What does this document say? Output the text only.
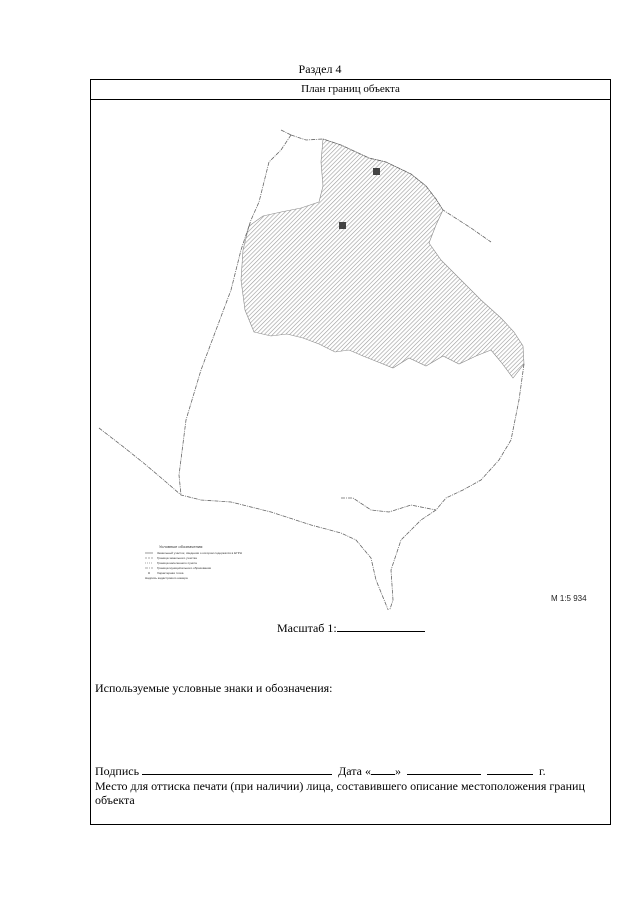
Раздел 4
План границ объекта
Условные обозначения:
Земельный участок, сведения о котором содержатся в ЕГРН
Граница земельного участка
Граница населенного пункта
Граница муниципального образования
Характерная точка
Надпись кадастрового номера
М 1:5 934
Масштаб 1:
Используемые условные знаки и обозначения:
Подпись	Дата « »	г.
Место для оттиска печати (при наличии) лица, составившего описание местоположения границ объекта
